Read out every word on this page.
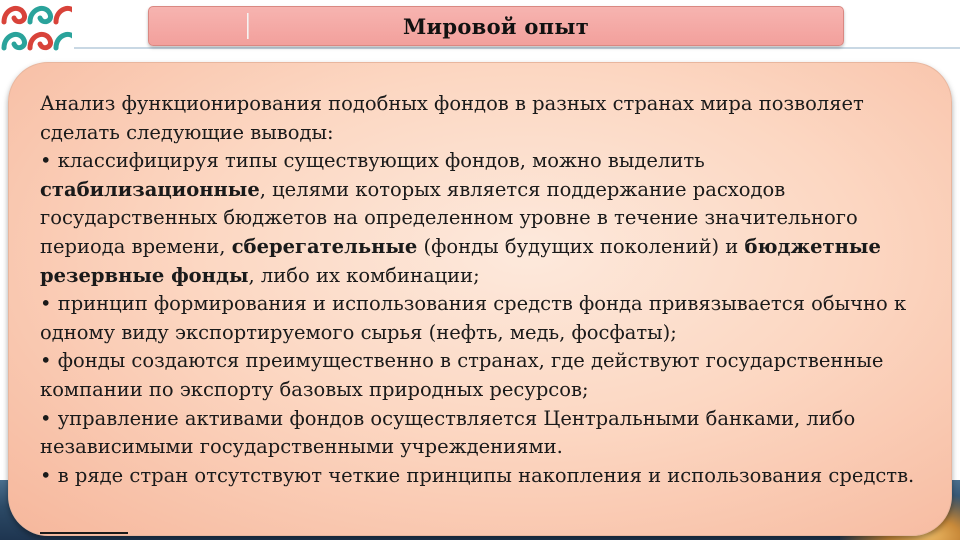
Мировой опыт

Анализ функционирования подобных фондов в разных странах мира позволяет сделать следующие выводы:

• классифицируя типы существующих фондов, можно выделить стабилизационные, целями которых является поддержание расходов государственных бюджетов на определенном уровне в течение значительного периода времени, сберегательные (фонды будущих поколений) и бюджетные резервные фонды, либо их комбинации;

• принцип формирования и использования средств фонда привязывается обычно к одному виду экспортируемого сырья (нефть, медь, фосфаты);

• фонды создаются преимущественно в странах, где действуют государственные компании по экспорту базовых природных ресурсов;

• управление активами фондов осуществляется Центральными банками, либо независимыми государственными учреждениями.

• в ряде стран отсутствуют четкие принципы накопления и использования средств.
